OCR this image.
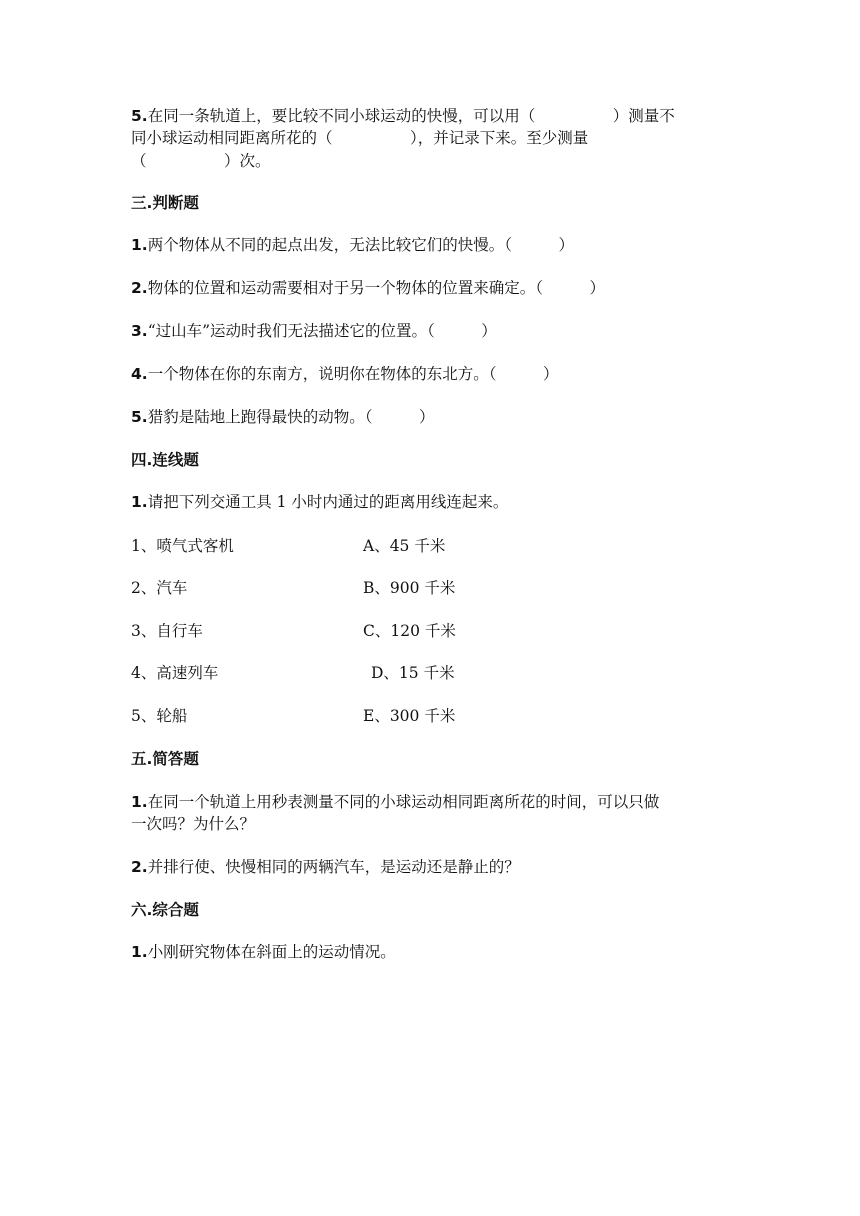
5.在同一条轨道上，要比较不同小球运动的快慢，可以用（　　　　　）测量不
同小球运动相同距离所花的（　　　　　），并记录下来。至少测量
（　　　　　）次。
三.判断题
1.两个物体从不同的起点出发，无法比较它们的快慢。（　　　）
2.物体的位置和运动需要相对于另一个物体的位置来确定。（　　　）
3.“过山车”运动时我们无法描述它的位置。（　　　）
4.一个物体在你的东南方，说明你在物体的东北方。（　　　）
5.猎豹是陆地上跑得最快的动物。（　　　）
四.连线题
1.请把下列交通工具 1 小时内通过的距离用线连起来。
1、喷气式客机	A、45 千米
2、汽车	B、900 千米
3、自行车	C、120 千米
4、高速列车	D、15 千米
5、轮船	E、300 千米
五.简答题
1.在同一个轨道上用秒表测量不同的小球运动相同距离所花的时间，可以只做
一次吗？为什么？
2.并排行使、快慢相同的两辆汽车，是运动还是静止的？
六.综合题
1.小刚研究物体在斜面上的运动情况。
